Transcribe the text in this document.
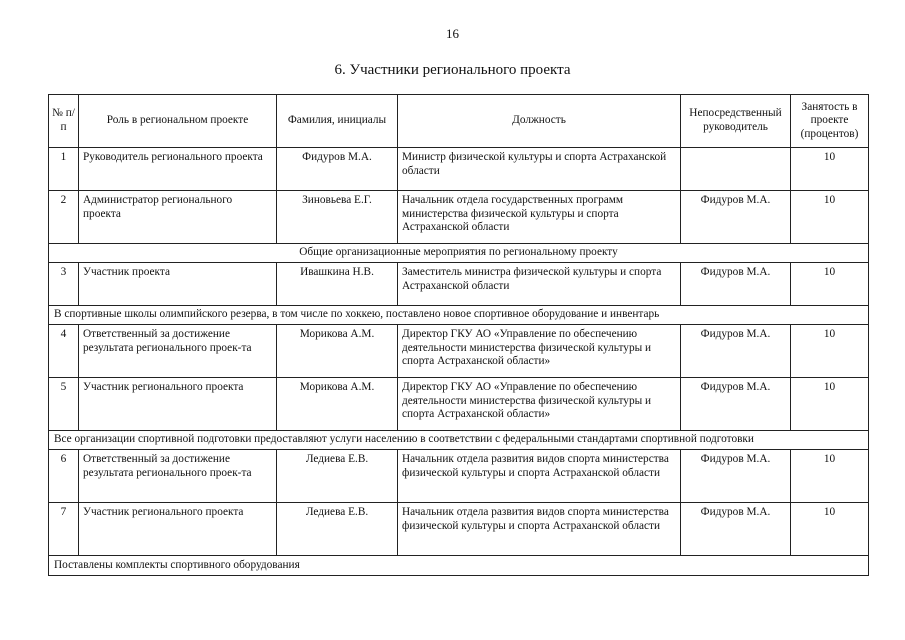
16
6. Участники регионального проекта
№ п/п	Роль в региональном проекте	Фамилия, инициалы	Должность	Непосредственный руководитель	Занятость в проекте (процентов)
1	Руководитель регионального проекта	Фидуров М.А.	Министр физической культуры и спорта Астраханской области		10
2	Администратор регионального проекта	Зиновьева Е.Г.	Начальник отдела государственных программ министерства физической культуры и спорта Астраханской области	Фидуров М.А.	10
Общие организационные мероприятия по региональному проекту					
3	Участник проекта	Ивашкина Н.В.	Заместитель министра физической культуры и спорта Астраханской области	Фидуров М.А.	10
В спортивные школы олимпийского резерва, в том числе по хоккею, поставлено новое спортивное оборудование и инвентарь					
4	Ответственный за достижение результата регионального проек-та	Морикова А.М.	Директор ГКУ АО «Управление по обеспечению деятельности министерства физической культуры и спорта Астраханской области»	Фидуров М.А.	10
5	Участник регионального проекта	Морикова А.М.	Директор ГКУ АО «Управление по обеспечению деятельности министерства физической культуры и спорта Астраханской области»	Фидуров М.А.	10
Все организации спортивной подготовки предоставляют услуги населению в соответствии с федеральными стандартами спортивной подготовки					
6	Ответственный за достижение результата регионального проек-та	Ледиева Е.В.	Начальник отдела развития видов спорта министерства физической культуры и спорта Астраханской области	Фидуров М.А.	10
7	Участник регионального проекта	Ледиева Е.В.	Начальник отдела развития видов спорта министерства физической культуры и спорта Астраханской области	Фидуров М.А.	10
Поставлены комплекты спортивного оборудования					
